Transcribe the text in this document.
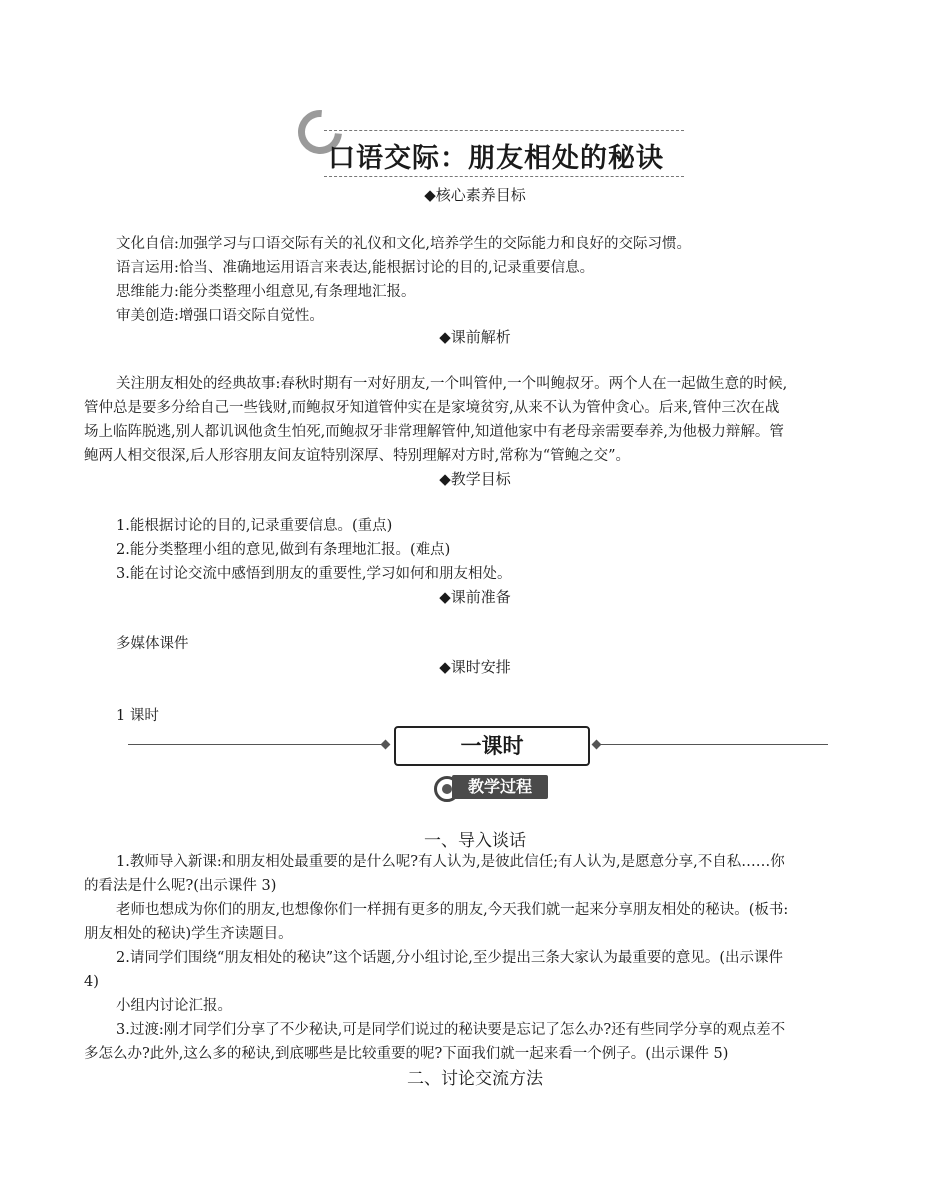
口语交际：朋友相处的秘诀
◆核心素养目标
文化自信:加强学习与口语交际有关的礼仪和文化,培养学生的交际能力和良好的交际习惯。
语言运用:恰当、准确地运用语言来表达,能根据讨论的目的,记录重要信息。
思维能力:能分类整理小组意见,有条理地汇报。
审美创造:增强口语交际自觉性。
◆课前解析
关注朋友相处的经典故事:春秋时期有一对好朋友,一个叫管仲,一个叫鲍叔牙。两个人在一起做生意的时候,
管仲总是要多分给自己一些钱财,而鲍叔牙知道管仲实在是家境贫穷,从来不认为管仲贪心。后来,管仲三次在战
场上临阵脱逃,别人都讥讽他贪生怕死,而鲍叔牙非常理解管仲,知道他家中有老母亲需要奉养,为他极力辩解。管
鲍两人相交很深,后人形容朋友间友谊特别深厚、特别理解对方时,常称为“管鲍之交”。
◆教学目标
1.能根据讨论的目的,记录重要信息。(重点)
2.能分类整理小组的意见,做到有条理地汇报。(难点)
3.能在讨论交流中感悟到朋友的重要性,学习如何和朋友相处。
◆课前准备
多媒体课件
◆课时安排
1 课时
一课时
教学过程
一、导入谈话
1.教师导入新课:和朋友相处最重要的是什么呢?有人认为,是彼此信任;有人认为,是愿意分享,不自私……你
的看法是什么呢?(出示课件 3)
老师也想成为你们的朋友,也想像你们一样拥有更多的朋友,今天我们就一起来分享朋友相处的秘诀。(板书:
朋友相处的秘诀)学生齐读题目。
2.请同学们围绕“朋友相处的秘诀”这个话题,分小组讨论,至少提出三条大家认为最重要的意见。(出示课件
4)
小组内讨论汇报。
3.过渡:刚才同学们分享了不少秘诀,可是同学们说过的秘诀要是忘记了怎么办?还有些同学分享的观点差不
多怎么办?此外,这么多的秘诀,到底哪些是比较重要的呢?下面我们就一起来看一个例子。(出示课件 5)
二、讨论交流方法
